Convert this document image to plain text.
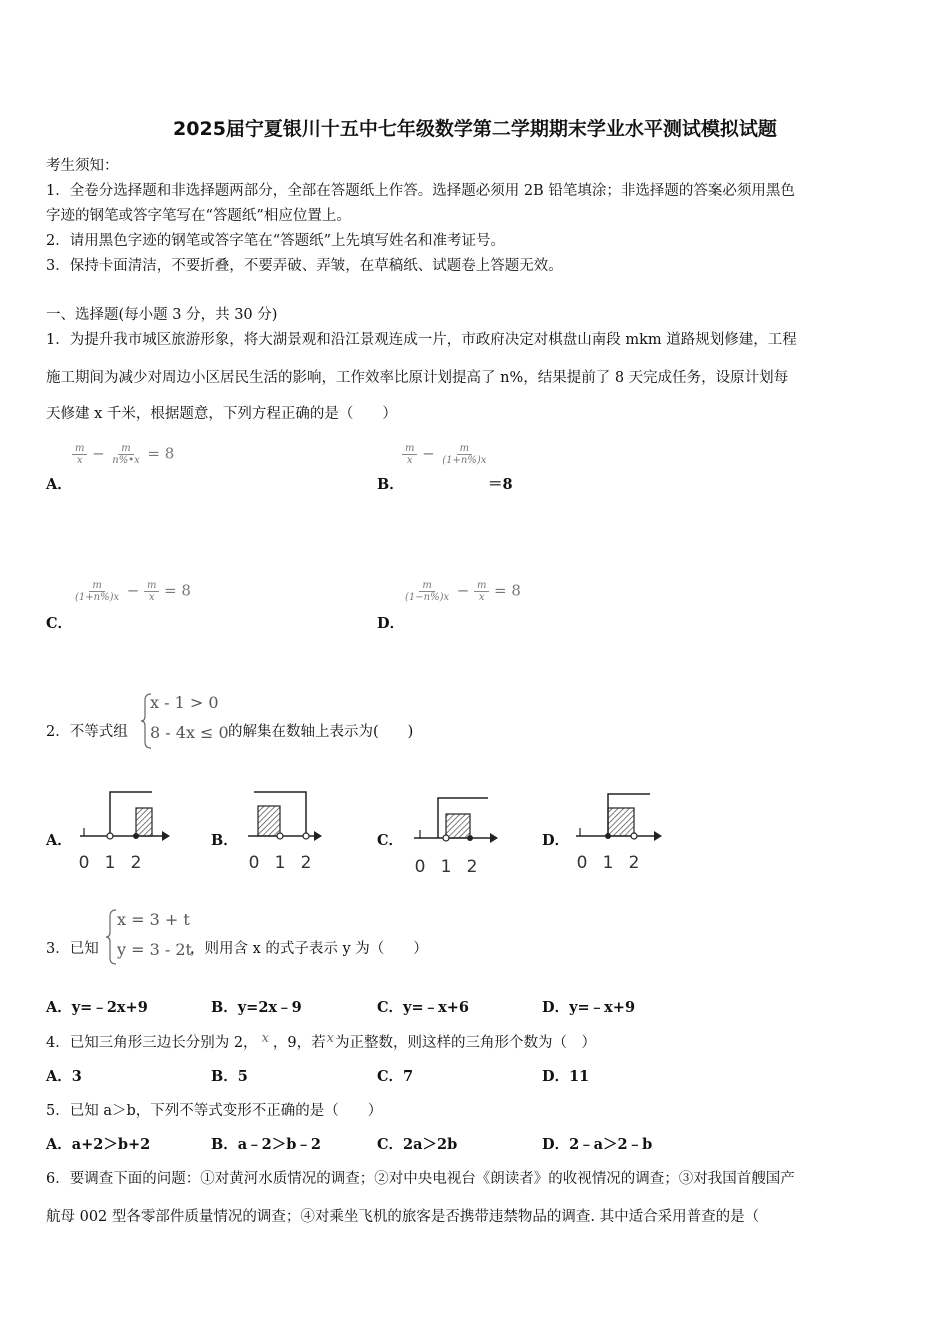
2025届宁夏银川十五中七年级数学第二学期期末学业水平测试模拟试题
考生须知：
1．全卷分选择题和非选择题两部分，全部在答题纸上作答。选择题必须用 2B 铅笔填涂；非选择题的答案必须用黑色
字迹的钢笔或答字笔写在“答题纸”相应位置上。
2．请用黑色字迹的钢笔或答字笔在“答题纸”上先填写姓名和准考证号。
3．保持卡面清洁，不要折叠，不要弄破、弄皱，在草稿纸、试题卷上答题无效。
一、选择题(每小题 3 分，共 30 分)
1．为提升我市城区旅游形象，将大湖景观和沿江景观连成一片，市政府决定对棋盘山南段 mkm 道路规划修建，工程
施工期间为减少对周边小区居民生活的影响，工作效率比原计划提高了 n%，结果提前了 8 天完成任务，设原计划每
天修建 x 千米，根据题意，下列方程正确的是（　　）
$\frac{m}{x} - \frac{m}{n\%•x} = 8$
A．
$\frac{m}{x} - \frac{m}{(1+n\%)x}$
B．	＝8
$\frac{m}{(1+n\%)x} - \frac{m}{x} = 8$
C．
$\frac{m}{(1-n\%)x} - \frac{m}{x} = 8$
D．
2．不等式组
x - 1 > 0
8 - 4x ≤ 0 的解集在数轴上表示为(　　)
A．
0 1 2
B．
0 1 2
C．
0 1 2
D．
0 1 2
3．已知
x = 3 + t
y = 3 - 2t
，则用含 x 的式子表示 y 为（　　）
A．y=﹣2x+9	B．y=2x﹣9	C．y=﹣x+6	D．y=﹣x+9
4．已知三角形三边长分别为 2， x ，9，若x为正整数，则这样的三角形个数为（　）
A．3	B．5	C．7	D．11
5．已知 a＞b，下列不等式变形不正确的是（　　）
A．a+2＞b+2	B．a﹣2＞b﹣2	C．2a＞2b	D．2﹣a＞2﹣b
6．要调查下面的问题：①对黄河水质情况的调查；②对中央电视台《朗读者》的收视情况的调查；③对我国首艘国产
航母 002 型各零部件质量情况的调查；④对乘坐飞机的旅客是否携带违禁物品的调查. 其中适合采用普查的是（
